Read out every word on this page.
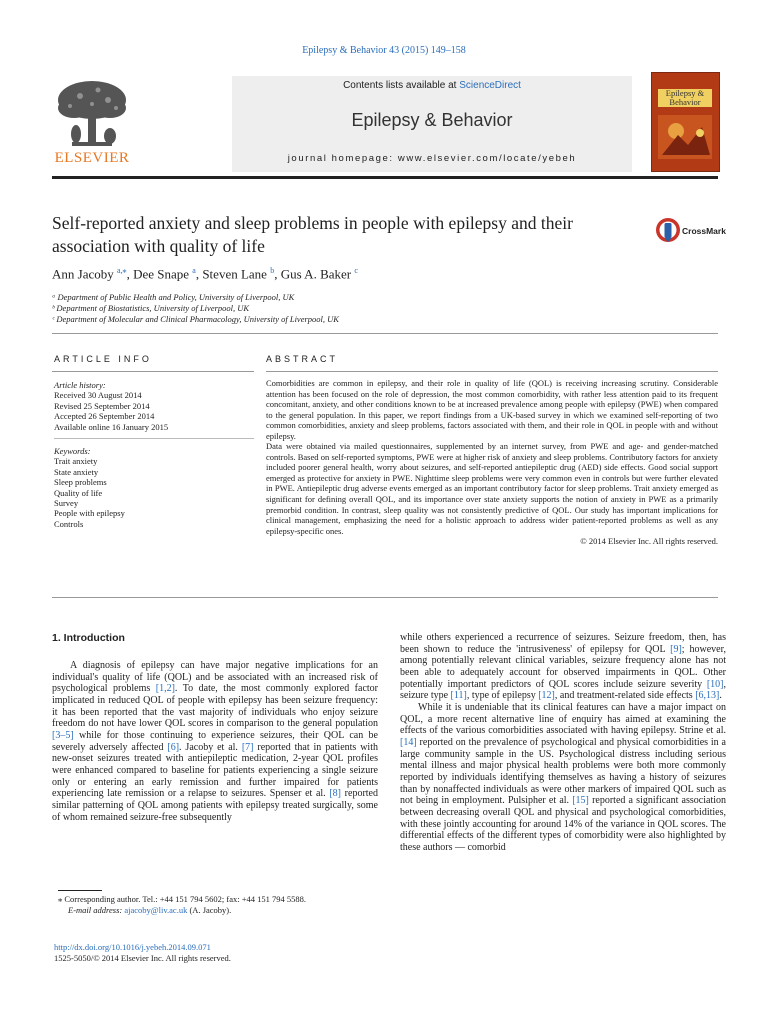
Epilepsy & Behavior 43 (2015) 149–158
ELSEVIER
Contents lists available at ScienceDirect
Epilepsy & Behavior
journal homepage: www.elsevier.com/locate/yebeh
Epilepsy & Behavior
Self-reported anxiety and sleep problems in people with epilepsy and their association with quality of life
CrossMark
Ann Jacoby $^{a,⁎}$, Dee Snape $^a$, Steven Lane $^b$, Gus A. Baker $^c$
ᵃ Department of Public Health and Policy, University of Liverpool, UK
ᵇ Department of Biostatistics, University of Liverpool, UK
ᶜ Department of Molecular and Clinical Pharmacology, University of Liverpool, UK
ARTICLE INFO
Article history:
Received 30 August 2014
Revised 25 September 2014
Accepted 26 September 2014
Available online 16 January 2015
Keywords:
Trait anxiety
State anxiety
Sleep problems
Quality of life
Survey
People with epilepsy
Controls
ABSTRACT

Comorbidities are common in epilepsy, and their role in quality of life (QOL) is receiving increasing scrutiny. Considerable attention has been focused on the role of depression, the most common comorbidity, with rather less attention paid to its frequent concomitant, anxiety, and other conditions known to be at increased prevalence among people with epilepsy (PWE) when compared to the general population. In this paper, we report findings from a UK-based survey in which we examined self-reporting of two common comorbidities, anxiety and sleep problems, factors associated with them, and their role in QOL in people with and without epilepsy.

Data were obtained via mailed questionnaires, supplemented by an internet survey, from PWE and age- and gender-matched controls. Based on self-reported symptoms, PWE were at higher risk of anxiety and sleep problems. Contributory factors for anxiety included poorer general health, worry about seizures, and self-reported antiepileptic drug (AED) side effects. Good social support emerged as protective for anxiety in PWE. Nighttime sleep problems were very common even in controls but were further elevated in PWE. Antiepileptic drug adverse events emerged as an important contributory factor for sleep problems. Trait anxiety emerged as significant for defining overall QOL, and its importance over state anxiety supports the notion of anxiety in PWE as a primarily premorbid condition. In contrast, sleep quality was not consistently predictive of QOL. Our study has important implications for clinical management, emphasizing the need for a holistic approach to address wider patient-reported problems as well as any epilepsy-specific ones.

© 2014 Elsevier Inc. All rights reserved.

1. Introduction

A diagnosis of epilepsy can have major negative implications for an individual's quality of life (QOL) and be associated with an increased risk of psychological problems [1,2]. To date, the most commonly explored factor implicated in reduced QOL of people with epilepsy has been seizure frequency: it has been reported that the vast majority of individuals who enjoy seizure freedom do not have lower QOL scores in comparison to the general population [3–5] while for those continuing to experience seizures, their QOL can be severely adversely affected [6]. Jacoby et al. [7] reported that in patients with new-onset seizures treated with antiepileptic medication, 2-year QOL profiles were enhanced compared to baseline for patients experiencing a single seizure only or entering an early remission and further impaired for patients experiencing late remission or a relapse to seizures. Spenser et al. [8] reported similar patterning of QOL among patients with epilepsy treated surgically, some of whom remained seizure-free subsequently

while others experienced a recurrence of seizures. Seizure freedom, then, has been shown to reduce the 'intrusiveness' of epilepsy for QOL [9]; however, among potentially relevant clinical variables, seizure frequency alone has not been able to adequately account for observed impairments in QOL. Other potentially important predictors of QOL scores include seizure severity [10], seizure type [11], type of epilepsy [12], and treatment-related side effects [6,13].

While it is undeniable that its clinical features can have a major impact on QOL, a more recent alternative line of enquiry has aimed at examining the effects of the various comorbidities associated with having epilepsy. Strine et al. [14] reported on the prevalence of psychological and physical comorbidities in a large community sample in the US. Psychological distress including serious mental illness and major physical health problems were both more commonly reported by individuals identifying themselves as having a history of seizures than by nonaffected individuals as were other markers of impaired QOL such as not being in employment. Pulsipher et al. [15] reported a significant association between decreasing overall QOL and physical and psychological comorbidities, with these jointly accounting for around 14% of the variance in QOL scores. The differential effects of the different types of comorbidity were also highlighted by these authors — comorbid

⁎ Corresponding author. Tel.: +44 151 794 5602; fax: +44 151 794 5588.
E-mail address: ajacoby@liv.ac.uk (A. Jacoby).
http://dx.doi.org/10.1016/j.yebeh.2014.09.071
1525-5050/© 2014 Elsevier Inc. All rights reserved.
